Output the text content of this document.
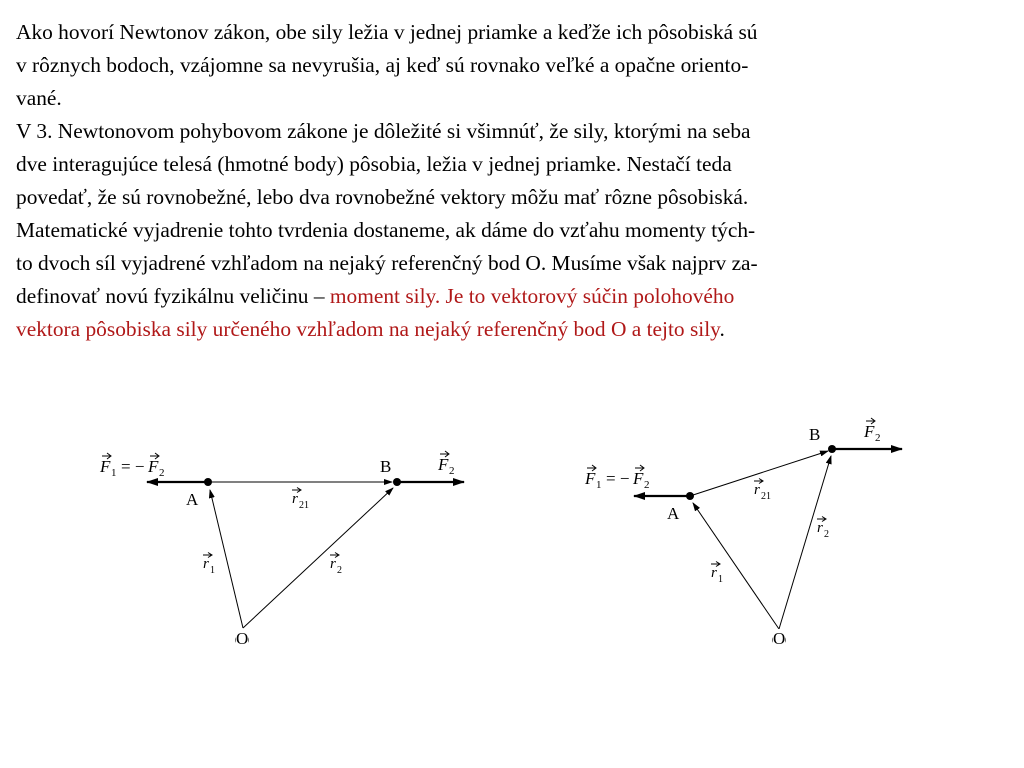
Ako hovorí Newtonov zákon, obe sily ležia v jednej priamke a keďže ich pôsobiská sú
v rôznych bodoch, vzájomne sa nevyrušia, aj keď sú rovnako veľké a opačne oriento-
vané.
V 3. Newtonovom pohybovom zákone je dôležité si všimnúť, že sily, ktorými na seba
dve interagujúce telesá (hmotné body) pôsobia, ležia v jednej priamke. Nestačí teda
povedať, že sú rovnobežné, lebo dva rovnobežné vektory môžu mať rôzne pôsobiská.
Matematické vyjadrenie tohto tvrdenia dostaneme, ak dáme do vzťahu momenty tých-
to dvoch síl vyjadrené vzhľadom na nejaký referenčný bod O. Musíme však najprv za-
definovať novú fyzikálnu veličinu – moment sily. Je to vektorový súčin polohového
vektora pôsobiska sily určeného vzhľadom na nejaký referenčný bod O a tejto sily.
F 1 = − F 2
A
B	F 2
r 21
r 1	r 2
O
F 1 = − F 2
A
B	F 2
r 21
r 1
r 2
O
